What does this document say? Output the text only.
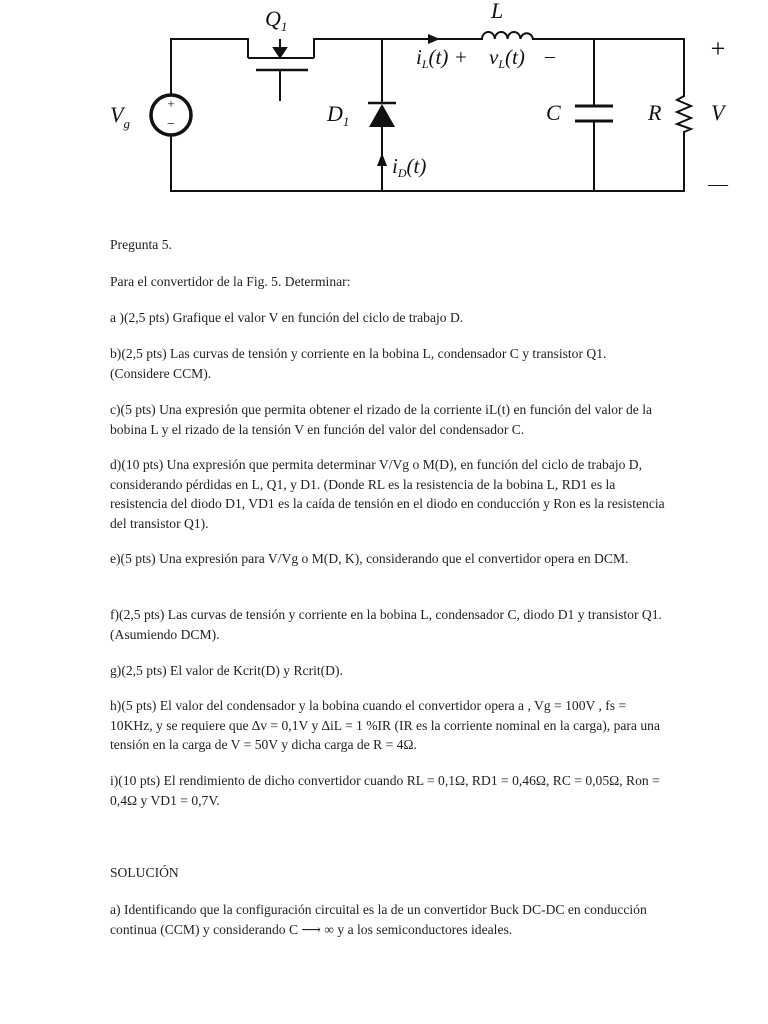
+
−
$Q_1$
L
iL(t) + vL(t) –
$V_g$	$D_1$
iD(t)
C	R V
+
—

Pregunta 5.

Para el convertidor de la Fig. 5. Determinar:

a )(2,5 pts) Grafique el valor V en función del ciclo de trabajo D.

b)(2,5 pts) Las curvas de tensión y corriente en la bobina L, condensador C y transistor Q1. (Considere CCM).

c)(5 pts) Una expresión que permita obtener el rizado de la corriente iL(t) en función del valor de la bobina L y el rizado de la tensión V en función del valor del condensador C.

d)(10 pts) Una expresión que permita determinar V/Vg o M(D), en función del ciclo de trabajo D, considerando pérdidas en L, Q1, y D1. (Donde RL es la resistencia de la bobina L, RD1 es la resistencia del diodo D1, VD1 es la caída de tensión en el diodo en conducción y Ron es la resistencia del transistor Q1).

e)(5 pts) Una expresión para V/Vg o M(D, K), considerando que el convertidor opera en DCM.

f)(2,5 pts) Las curvas de tensión y corriente en la bobina L, condensador C, diodo D1 y transistor Q1. (Asumiendo DCM).

g)(2,5 pts) El valor de Kcrit(D) y Rcrit(D).

h)(5 pts) El valor del condensador y la bobina cuando el convertidor opera a , Vg = 100V , fs = 10KHz, y se requiere que ∆v = 0,1V y ∆iL = 1 %IR (IR es la corriente nominal en la carga), para una tensión en la carga de V = 50V y dicha carga de R = 4Ω.

i)(10 pts) El rendimiento de dicho convertidor cuando RL = 0,1Ω, RD1 = 0,46Ω, RC = 0,05Ω, Ron = 0,4Ω y VD1 = 0,7V.

SOLUCIÓN

a) Identificando que la configuración circuital es la de un convertidor Buck DC-DC en conducción continua (CCM) y considerando C ⟶ ∞ y a los semiconductores ideales.
